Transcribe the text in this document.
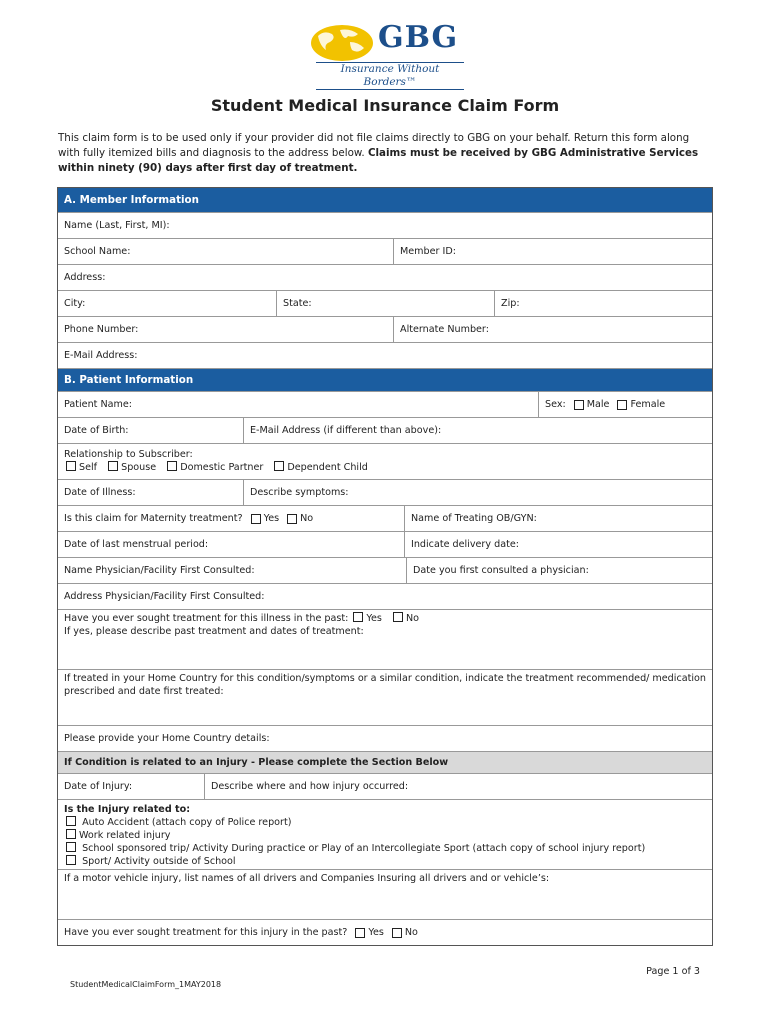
GBG
Insurance Without Borders™
Student Medical Insurance Claim Form
This claim form is to be used only if your provider did not file claims directly to GBG on your behalf. Return this form along with fully itemized bills and diagnosis to the address below. Claims must be received by GBG Administrative Services within ninety (90) days after first day of treatment.
A. Member Information
Name (Last, First, MI):
School Name:	Member ID:
Address:
City:	State:	Zip:
Phone Number:	Alternate Number:
E-Mail Address:
B. Patient Information
Patient Name:	Sex: Male Female
Date of Birth:	E-Mail Address (if different than above):
Relationship to Subscriber:
Self	Spouse	Domestic Partner	Dependent Child
Date of Illness:	Describe symptoms:
Is this claim for Maternity treatment? Yes No	Name of Treating OB/GYN:
Date of last menstrual period:	Indicate delivery date:
Name Physician/Facility First Consulted:	Date you first consulted a physician:
Address Physician/Facility First Consulted:
Have you ever sought treatment for this illness in the past: Yes	No
If yes, please describe past treatment and dates of treatment:
If treated in your Home Country for this condition/symptoms or a similar condition, indicate the treatment recommended/ medication prescribed and date first treated:
Please provide your Home Country details:
If Condition is related to an Injury - Please complete the Section Below
Date of Injury:	Describe where and how injury occurred:
Is the Injury related to:
Auto Accident (attach copy of Police report)
Work related injury
School sponsored trip/ Activity During practice or Play of an Intercollegiate Sport (attach copy of school injury report)
Sport/ Activity outside of School
If a motor vehicle injury, list names of all drivers and Companies Insuring all drivers and or vehicle’s:
Have you ever sought treatment for this injury in the past? Yes No
Page 1 of 3
StudentMedicalClaimForm_1MAY2018
